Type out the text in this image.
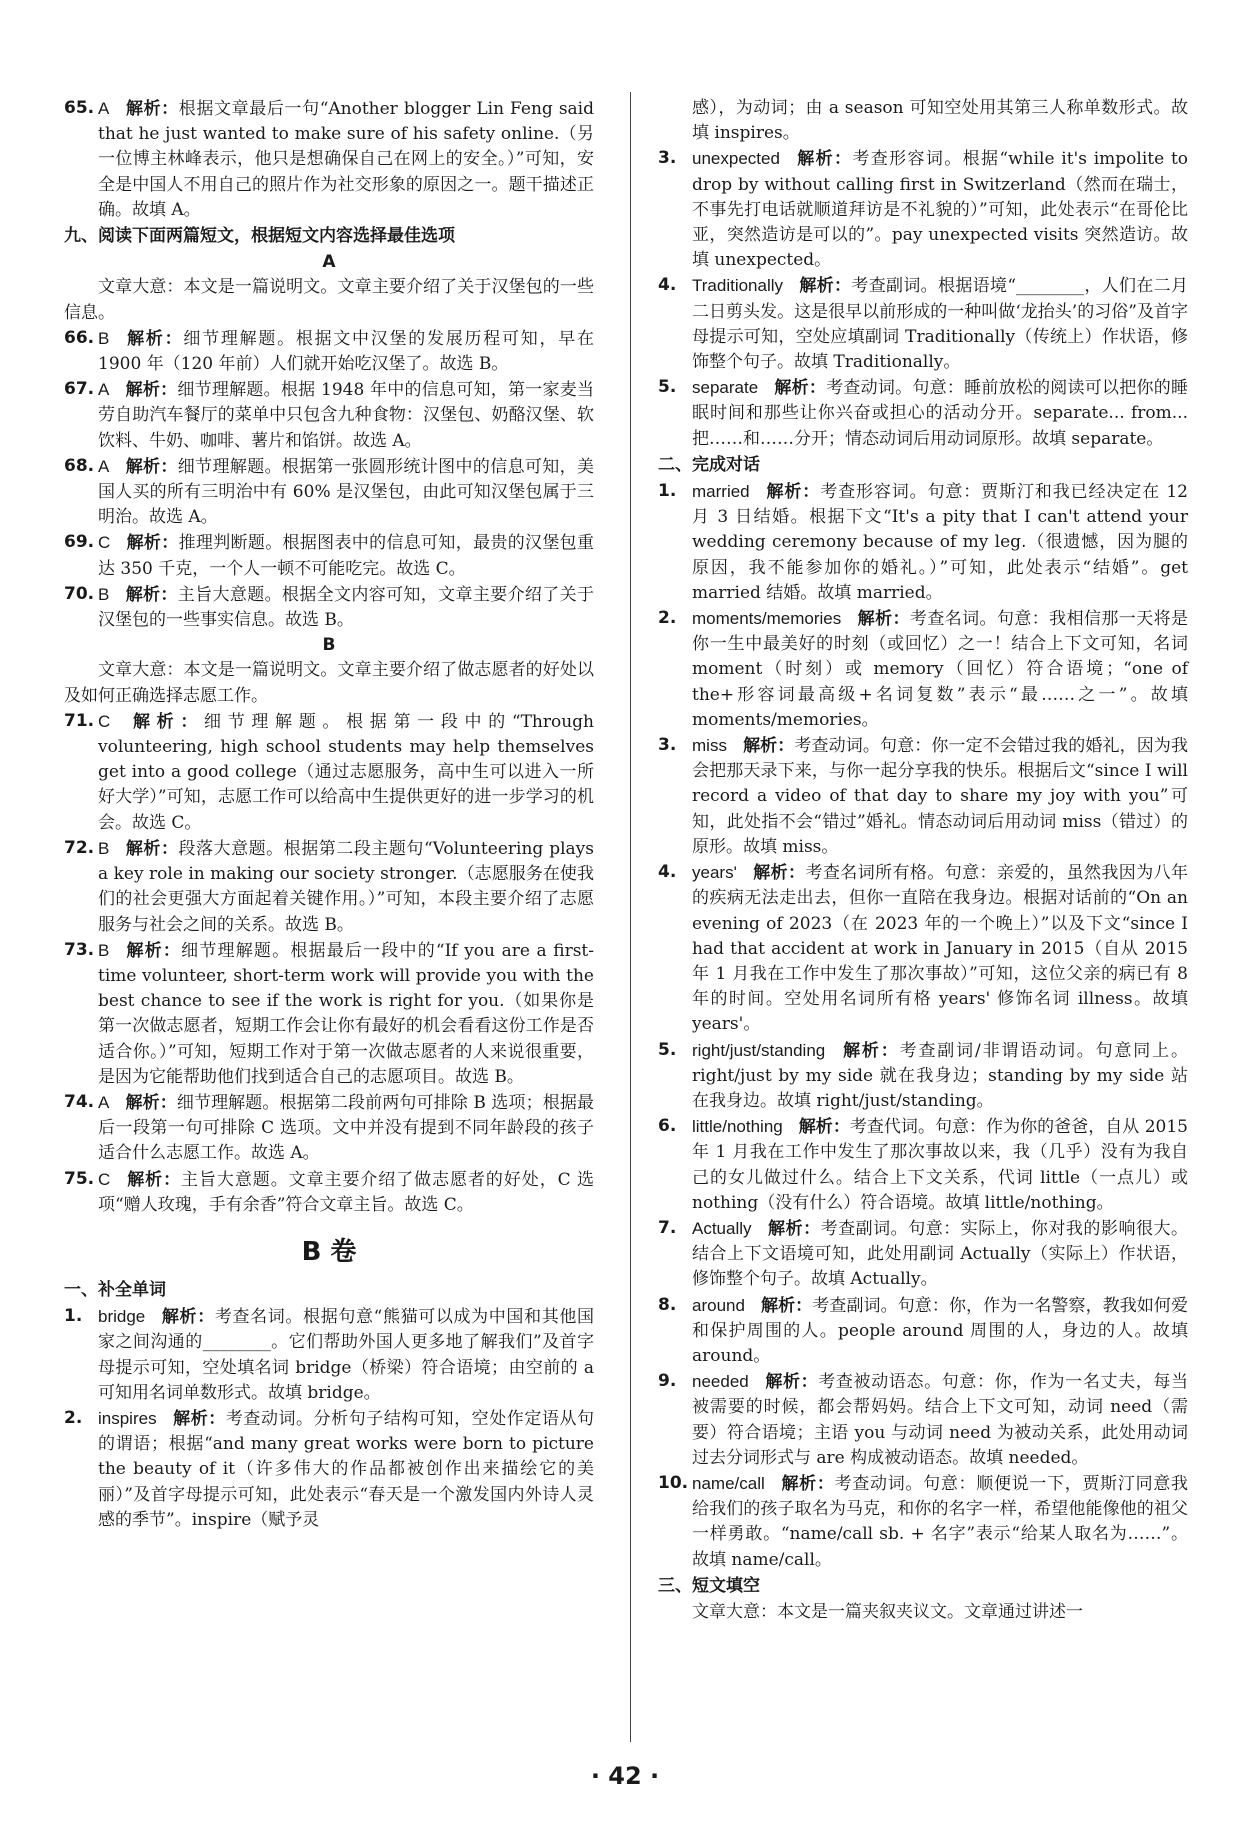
65. A 解析：根据文章最后一句“Another blogger Lin Feng said that he just wanted to make sure of his safety online.（另一位博主林峰表示，他只是想确保自己在网上的安全。）”可知，安全是中国人不用自己的照片作为社交形象的原因之一。题干描述正确。故填 A。

九、阅读下面两篇短文，根据短文内容选择最佳选项

A

文章大意：本文是一篇说明文。文章主要介绍了关于汉堡包的一些信息。

66. B 解析：细节理解题。根据文中汉堡的发展历程可知，早在 1900 年（120 年前）人们就开始吃汉堡了。故选 B。

67. A 解析：细节理解题。根据 1948 年中的信息可知，第一家麦当劳自助汽车餐厅的菜单中只包含九种食物：汉堡包、奶酪汉堡、软饮料、牛奶、咖啡、薯片和馅饼。故选 A。

68. A 解析：细节理解题。根据第一张圆形统计图中的信息可知，美国人买的所有三明治中有 60% 是汉堡包，由此可知汉堡包属于三明治。故选 A。

69. C 解析：推理判断题。根据图表中的信息可知，最贵的汉堡包重达 350 千克，一个人一顿不可能吃完。故选 C。

70. B 解析：主旨大意题。根据全文内容可知，文章主要介绍了关于汉堡包的一些事实信息。故选 B。

B

文章大意：本文是一篇说明文。文章主要介绍了做志愿者的好处以及如何正确选择志愿工作。

71. C 解析：细节理解题。根据第一段中的“Through volunteering, high school students may help themselves get into a good college（通过志愿服务，高中生可以进入一所好大学）”可知，志愿工作可以给高中生提供更好的进一步学习的机会。故选 C。

72. B 解析：段落大意题。根据第二段主题句“Volunteering plays a key role in making our society stronger.（志愿服务在使我们的社会更强大方面起着关键作用。）”可知，本段主要介绍了志愿服务与社会之间的关系。故选 B。

73. B 解析：细节理解题。根据最后一段中的“If you are a first-time volunteer, short-term work will provide you with the best chance to see if the work is right for you.（如果你是第一次做志愿者，短期工作会让你有最好的机会看看这份工作是否适合你。）”可知，短期工作对于第一次做志愿者的人来说很重要，是因为它能帮助他们找到适合自己的志愿项目。故选 B。

74. A 解析：细节理解题。根据第二段前两句可排除 B 选项；根据最后一段第一句可排除 C 选项。文中并没有提到不同年龄段的孩子适合什么志愿工作。故选 A。

75. C 解析：主旨大意题。文章主要介绍了做志愿者的好处，C 选项“赠人玫瑰，手有余香”符合文章主旨。故选 C。

B 卷

一、补全单词

1. bridge 解析：考查名词。根据句意“熊猫可以成为中国和其他国家之间沟通的________。它们帮助外国人更多地了解我们”及首字母提示可知，空处填名词 bridge（桥梁）符合语境；由空前的 a 可知用名词单数形式。故填 bridge。

2. inspires 解析：考查动词。分析句子结构可知，空处作定语从句的谓语；根据“and many great works were born to picture the beauty of it（许多伟大的作品都被创作出来描绘它的美丽）”及首字母提示可知，此处表示“春天是一个激发国内外诗人灵感的季节”。inspire（赋予灵

感），为动词；由 a season 可知空处用其第三人称单数形式。故填 inspires。

3. unexpected 解析：考查形容词。根据“while it's impolite to drop by without calling first in Switzerland（然而在瑞士，不事先打电话就顺道拜访是不礼貌的）”可知，此处表示“在哥伦比亚，突然造访是可以的”。pay unexpected visits 突然造访。故填 unexpected。

4. Traditionally 解析：考查副词。根据语境“________，人们在二月二日剪头发。这是很早以前形成的一种叫做‘龙抬头’的习俗”及首字母提示可知，空处应填副词 Traditionally（传统上）作状语，修饰整个句子。故填 Traditionally。

5. separate 解析：考查动词。句意：睡前放松的阅读可以把你的睡眠时间和那些让你兴奋或担心的活动分开。separate... from... 把……和……分开；情态动词后用动词原形。故填 separate。

二、完成对话

1. married 解析：考查形容词。句意：贾斯汀和我已经决定在 12 月 3 日结婚。根据下文“It's a pity that I can't attend your wedding ceremony because of my leg.（很遗憾，因为腿的原因，我不能参加你的婚礼。）”可知，此处表示“结婚”。get married 结婚。故填 married。

2. moments/memories 解析：考查名词。句意：我相信那一天将是你一生中最美好的时刻（或回忆）之一！结合上下文可知，名词 moment（时刻）或 memory（回忆）符合语境；“one of the+形容词最高级+名词复数”表示“最……之一”。故填 moments/memories。

3. miss 解析：考查动词。句意：你一定不会错过我的婚礼，因为我会把那天录下来，与你一起分享我的快乐。根据后文“since I will record a video of that day to share my joy with you”可知，此处指不会“错过”婚礼。情态动词后用动词 miss（错过）的原形。故填 miss。

4. years' 解析：考查名词所有格。句意：亲爱的，虽然我因为八年的疾病无法走出去，但你一直陪在我身边。根据对话前的“On an evening of 2023（在 2023 年的一个晚上）”以及下文“since I had that accident at work in January in 2015（自从 2015 年 1 月我在工作中发生了那次事故）”可知，这位父亲的病已有 8 年的时间。空处用名词所有格 years' 修饰名词 illness。故填 years'。

5. right/just/standing 解析：考查副词/非谓语动词。句意同上。right/just by my side 就在我身边；standing by my side 站在我身边。故填 right/just/standing。

6. little/nothing 解析：考查代词。句意：作为你的爸爸，自从 2015 年 1 月我在工作中发生了那次事故以来，我（几乎）没有为我自己的女儿做过什么。结合上下文关系，代词 little（一点儿）或 nothing（没有什么）符合语境。故填 little/nothing。

7. Actually 解析：考查副词。句意：实际上，你对我的影响很大。结合上下文语境可知，此处用副词 Actually（实际上）作状语，修饰整个句子。故填 Actually。

8. around 解析：考查副词。句意：你，作为一名警察，教我如何爱和保护周围的人。people around 周围的人，身边的人。故填 around。

9. needed 解析：考查被动语态。句意：你，作为一名丈夫，每当被需要的时候，都会帮妈妈。结合上下文可知，动词 need（需要）符合语境；主语 you 与动词 need 为被动关系，此处用动词过去分词形式与 are 构成被动语态。故填 needed。

10. name/call 解析：考查动词。句意：顺便说一下，贾斯汀同意我给我们的孩子取名为马克，和你的名字一样，希望他能像他的祖父一样勇敢。“name/call sb. + 名字”表示“给某人取名为……”。故填 name/call。

三、短文填空

文章大意：本文是一篇夹叙夹议文。文章通过讲述一

· 42 ·
